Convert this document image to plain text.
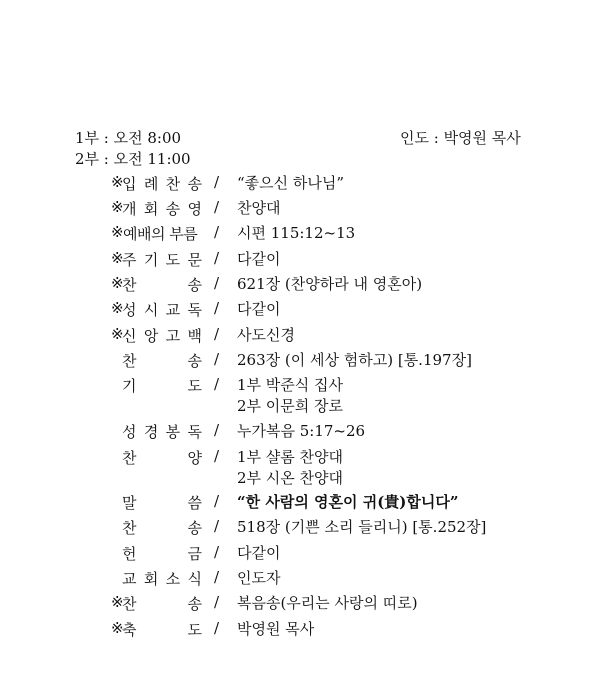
1부 : 오전 8:00
2부 : 오전 11:00
인도 : 박영원 목사
※
입 례 찬 송 / “좋으신 하나님”
※
개 회 송 영 / 찬양대
※ 예배의 부름 / 시편 115:12~13
※
주 기 도 문 / 다같이
※
찬	송 / 621장 (찬양하라 내 영혼아)
※
성 시 교 독 / 다같이
※
신 앙 고 백 / 사도신경
찬	송 / 263장 (이 세상 험하고) [통.197장]
기	도 / 1부 박준식 집사
2부 이문희 장로
성 경 봉 독 / 누가복음 5:17~26
찬	양 / 1부 샬롬 찬양대
2부 시온 찬양대
말	씀 / “한 사람의 영혼이 귀(貴)합니다”
찬	송 / 518장 (기쁜 소리 들리니) [통.252장]
헌	금 / 다같이
교 회 소 식 / 인도자
※
찬	송 / 복음송(우리는 사랑의 띠로)
※
축	도 / 박영원 목사
